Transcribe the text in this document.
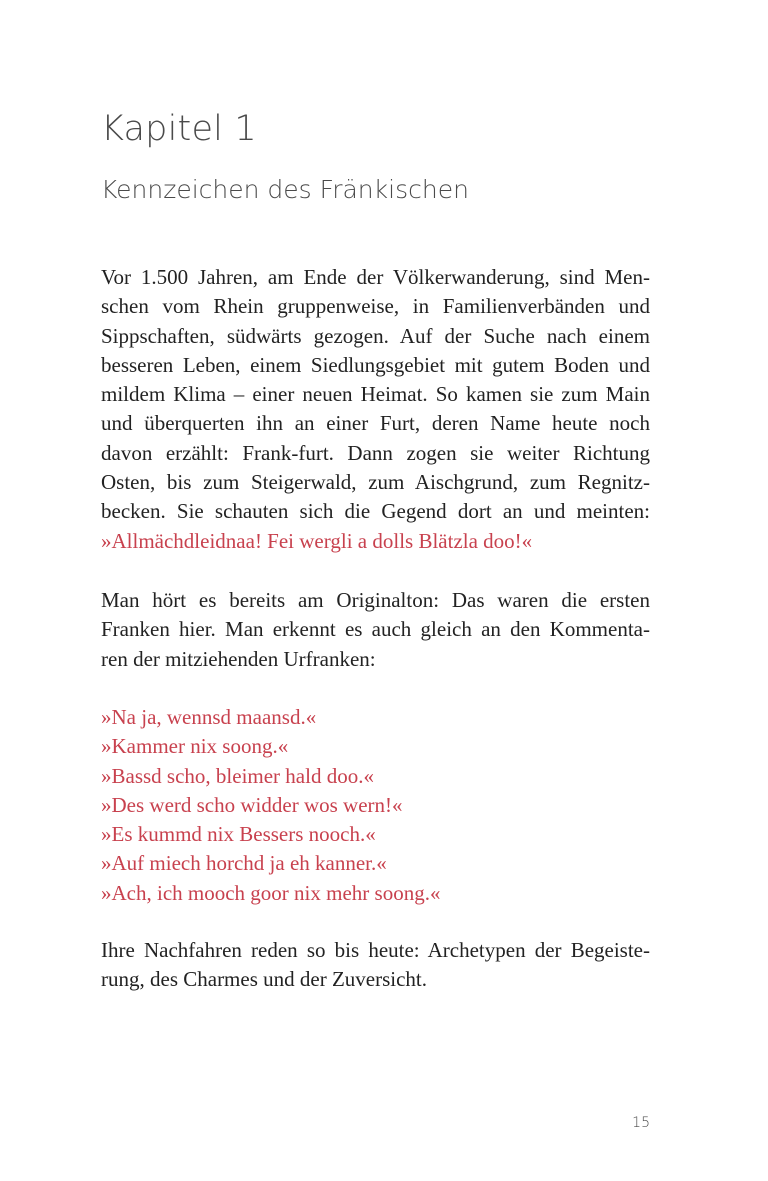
Kapitel 1
Kennzeichen des Fränkischen
Vor 1.500 Jahren, am Ende der Völkerwanderung, sind Men-
schen vom Rhein gruppenweise, in Familienverbänden und
Sippschaften, südwärts gezogen. Auf der Suche nach einem
besseren Leben, einem Siedlungsgebiet mit gutem Boden und
mildem Klima – einer neuen Heimat. So kamen sie zum Main
und überquerten ihn an einer Furt, deren Name heute noch
davon erzählt: Frank-furt. Dann zogen sie weiter Richtung
Osten, bis zum Steigerwald, zum Aischgrund, zum Regnitz-
becken. Sie schauten sich die Gegend dort an und meinten:
»Allmächdleidnaa! Fei wergli a dolls Blätzla doo!«
Man hört es bereits am Originalton: Das waren die ersten
Franken hier. Man erkennt es auch gleich an den Kommenta-
ren der mitziehenden Urfranken:
»Na ja, wennsd maansd.«
»Kammer nix soong.«
»Bassd scho, bleimer hald doo.«
»Des werd scho widder wos wern!«
»Es kummd nix Bessers nooch.«
»Auf miech horchd ja eh kanner.«
»Ach, ich mooch goor nix mehr soong.«
Ihre Nachfahren reden so bis heute: Archetypen der Begeiste-
rung, des Charmes und der Zuversicht.
15
